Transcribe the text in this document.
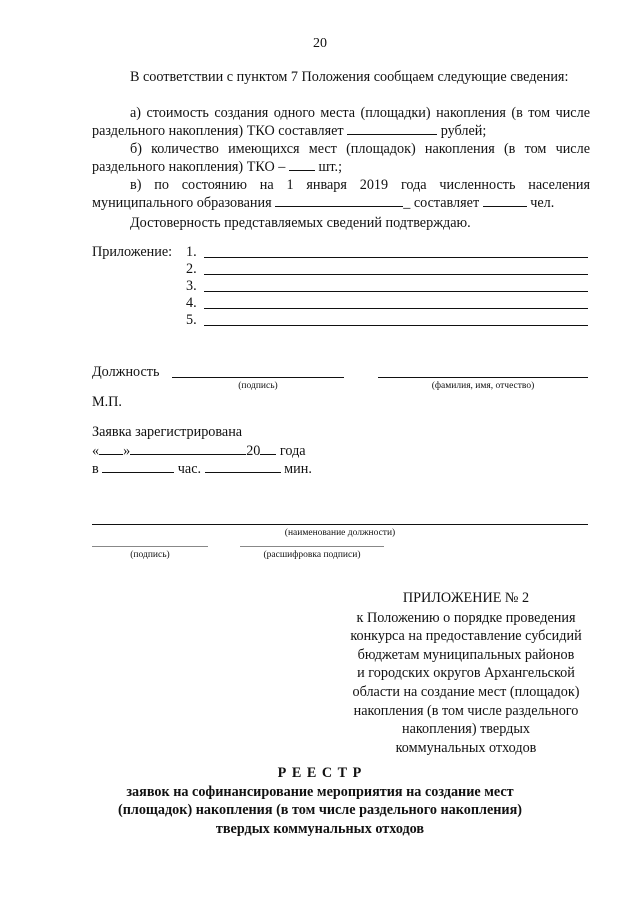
20
В соответствии с пунктом 7 Положения сообщаем следующие сведения:
а) стоимость создания одного места (площадки) накопления (в том числе раздельного накопления) ТКО составляет	рублей;
б) количество имеющихся мест (площадок) накопления (в том числе раздельного накопления) ТКО – шт.;
в) по состоянию на 1 января 2019 года численность населения муниципального образования	_ составляет	чел.
Достоверность представляемых сведений подтверждаю.
Приложение: 1.
2.
3.
4.
5.
Должность
(подпись)	(фамилия, имя, отчество)
М.П.
Заявка зарегистрирована
« »	20 года
в	час.	мин.
(наименование должности)
(подпись)	(расшифровка подписи)
ПРИЛОЖЕНИЕ № 2
к Положению о порядке проведения
конкурса на предоставление субсидий
бюджетам муниципальных районов
и городских округов Архангельской
области на создание мест (площадок)
накопления (в том числе раздельного
накопления) твердых
коммунальных отходов
Р Е Е С Т Р
заявок на софинансирование мероприятия на создание мест
(площадок) накопления (в том числе раздельного накопления)
твердых коммунальных отходов
